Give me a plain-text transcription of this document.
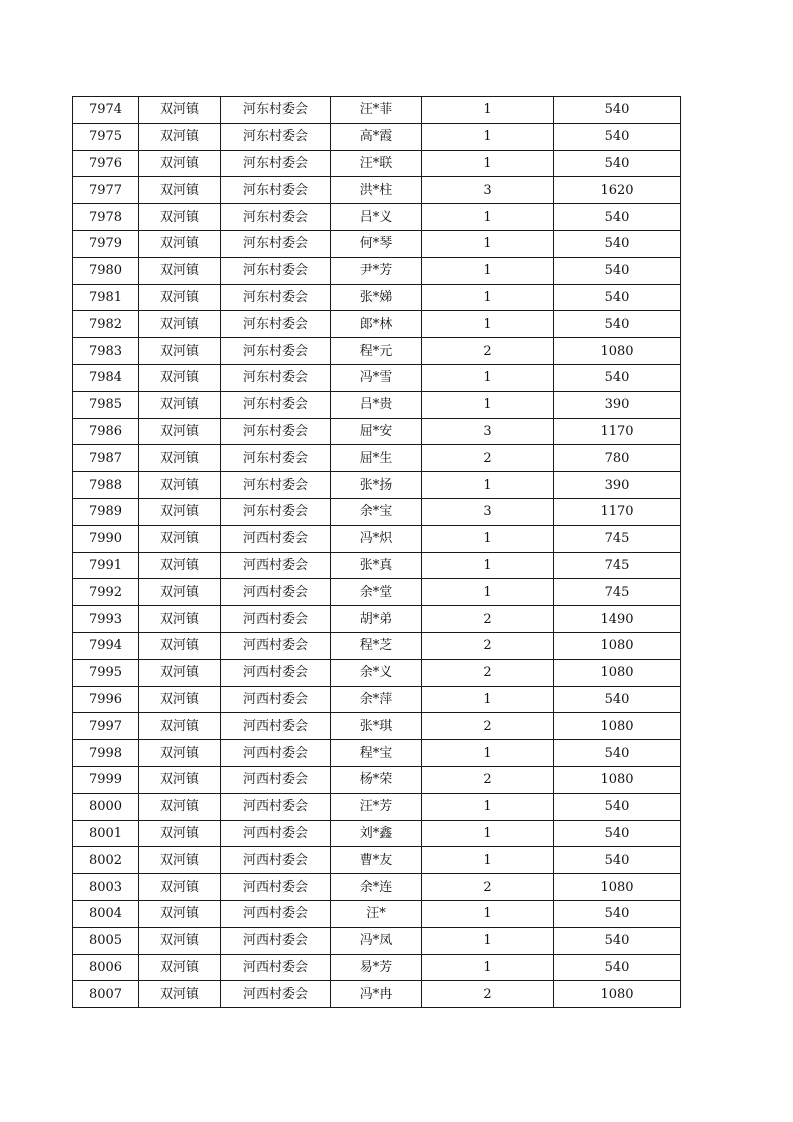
7974	双河镇	河东村委会	汪*菲	1	540
7975	双河镇	河东村委会	高*霞	1	540
7976	双河镇	河东村委会	汪*联	1	540
7977	双河镇	河东村委会	洪*柱	3	1620
7978	双河镇	河东村委会	吕*义	1	540
7979	双河镇	河东村委会	何*琴	1	540
7980	双河镇	河东村委会	尹*芳	1	540
7981	双河镇	河东村委会	张*娣	1	540
7982	双河镇	河东村委会	郎*林	1	540
7983	双河镇	河东村委会	程*元	2	1080
7984	双河镇	河东村委会	冯*雪	1	540
7985	双河镇	河东村委会	吕*贵	1	390
7986	双河镇	河东村委会	屈*安	3	1170
7987	双河镇	河东村委会	屈*生	2	780
7988	双河镇	河东村委会	张*扬	1	390
7989	双河镇	河东村委会	余*宝	3	1170
7990	双河镇	河西村委会	冯*炽	1	745
7991	双河镇	河西村委会	张*真	1	745
7992	双河镇	河西村委会	余*堂	1	745
7993	双河镇	河西村委会	胡*弟	2	1490
7994	双河镇	河西村委会	程*芝	2	1080
7995	双河镇	河西村委会	余*义	2	1080
7996	双河镇	河西村委会	余*萍	1	540
7997	双河镇	河西村委会	张*琪	2	1080
7998	双河镇	河西村委会	程*宝	1	540
7999	双河镇	河西村委会	杨*荣	2	1080
8000	双河镇	河西村委会	汪*芳	1	540
8001	双河镇	河西村委会	刘*鑫	1	540
8002	双河镇	河西村委会	曹*友	1	540
8003	双河镇	河西村委会	余*连	2	1080
8004	双河镇	河西村委会	汪*	1	540
8005	双河镇	河西村委会	冯*凤	1	540
8006	双河镇	河西村委会	易*芳	1	540
8007	双河镇	河西村委会	冯*冉	2	1080
